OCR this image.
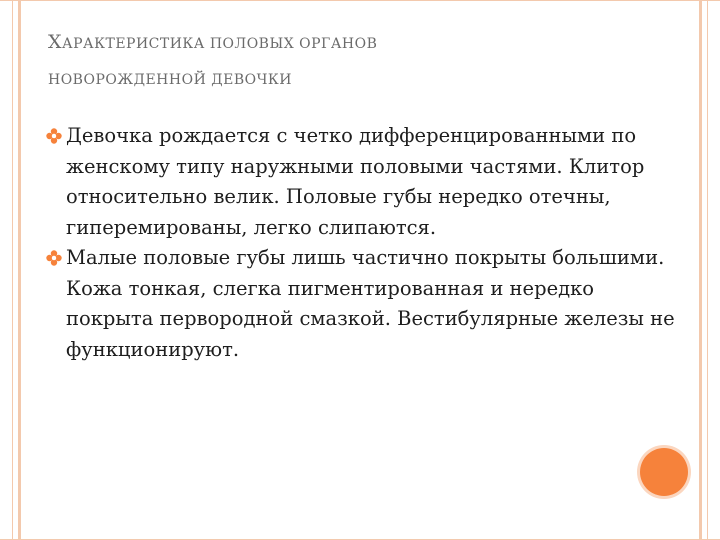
ХАРАКТЕРИСТИКА ПОЛОВЫХ ОРГАНОВ
НОВОРОЖДЕННОЙ ДЕВОЧКИ
Девочка рождается с четко дифференцированными по женскому типу наружными половыми частями. Клитор относительно велик. Половые губы нередко отечны, гиперемированы, легко слипаются.
Малые половые губы лишь частично покрыты большими. Кожа тонкая, слегка пигментированная и нередко покрыта первородной смазкой. Вестибулярные железы не функционируют.
